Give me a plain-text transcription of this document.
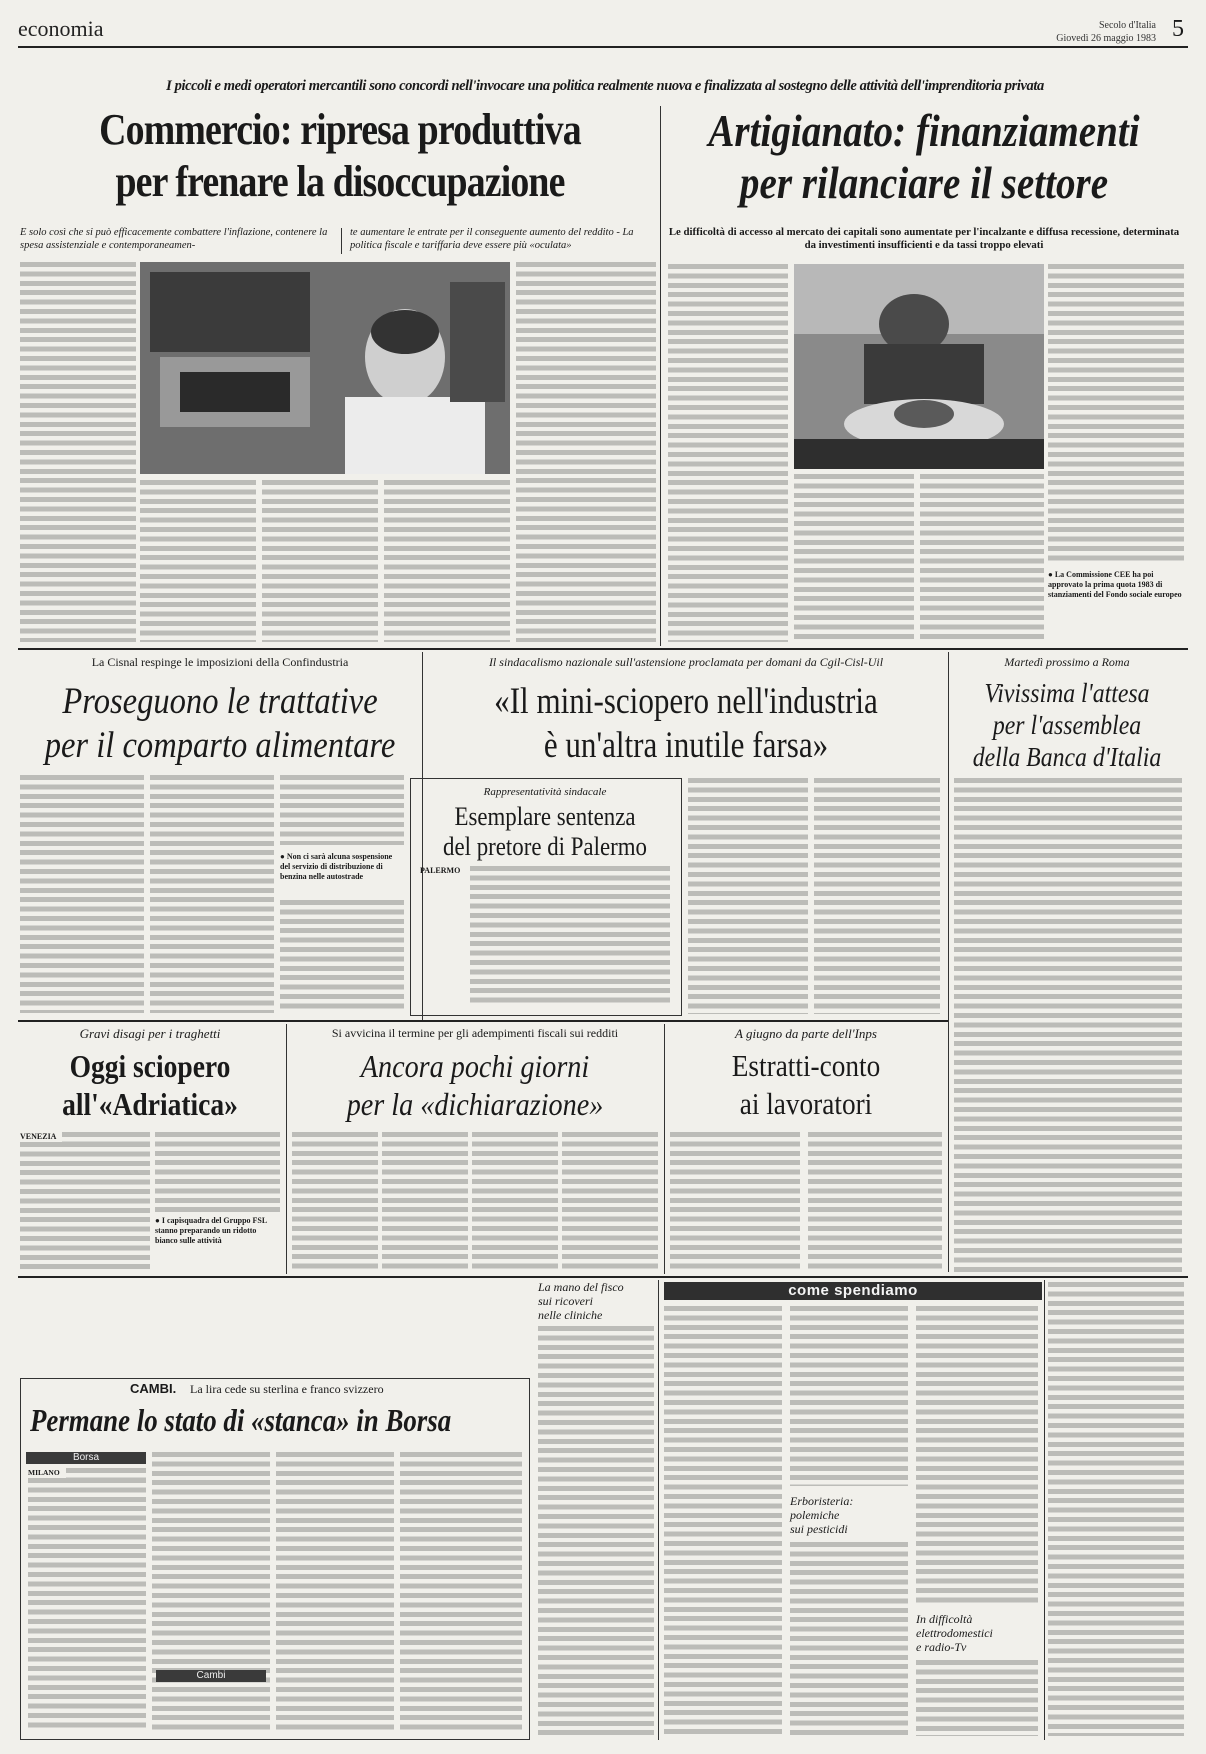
economia	Secolo d'Italia
Giovedì 26 maggio 1983 5
I piccoli e medi operatori mercantili sono concordi nell'invocare una politica realmente nuova e finalizzata al sostegno delle attività dell'imprenditoria privata
Commercio: ripresa produttiva
per frenare la disoccupazione
E solo così che si può efficacemente combattere l'inflazione, contenere la spesa assistenziale e contemporaneamen-
te aumentare le entrate per il conseguente aumento del reddito - La politica fiscale e tariffaria deve essere più «oculata»
Artigianato: finanziamenti
per rilanciare il settore
Le difficoltà di accesso al mercato dei capitali sono aumentate per l'incalzante e diffusa recessione, determinata da investimenti insufficienti e da tassi troppo elevati
● La Commissione CEE ha poi approvato la prima quota 1983 di stanziamenti del Fondo sociale europeo
La Cisnal respinge le imposizioni della Confindustria
Proseguono le trattative
per il comparto alimentare
● Non ci sarà alcuna sospensione del servizio di distribuzione di benzina nelle autostrade
Il sindacalismo nazionale sull'astensione proclamata per domani da Cgil-Cisl-Uil
«Il mini-sciopero nell'industria
è un'altra inutile farsa»
Rappresentatività sindacale
Esemplare sentenza
del pretore di Palermo
PALERMO
Martedì prossimo a Roma
Vivissima l'attesa
per l'assemblea
della Banca d'Italia
Gravi disagi per i traghetti
Oggi sciopero
all'«Adriatica»
VENEZIA
● I capisquadra del Gruppo FSL stanno preparando un ridotto bianco sulle attività
Si avvicina il termine per gli adempimenti fiscali sui redditi
Ancora pochi giorni
per la «dichiarazione»
A giugno da parte dell'Inps
Estratti-conto
ai lavoratori
CAMBI. La lira cede su sterlina e franco svizzero
Permane lo stato di «stanca» in Borsa
Borsa
MILANO
Cambi
La mano del fisco
sui ricoveri
nelle cliniche
come spendiamo
Erboristeria:
polemiche
sui pesticidi
In difficoltà
elettrodomestici
e radio-Tv
